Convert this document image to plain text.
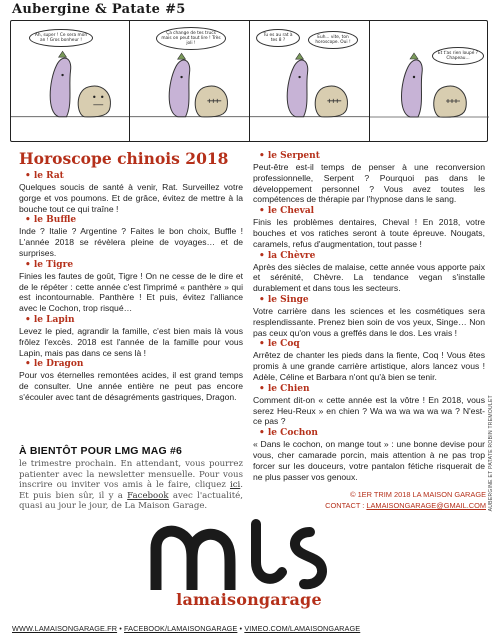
Aubergine & Patate #5
Ah, super ! Ce sera mon an ! Gros bonheur !
Ça change de tes trucs mais on peut tout lire ! Très joli !
Tu es au rat à tes 8 ?
Euh... vite, ton horoscope. Oui !
Et t'as rien loupé ? Chapeau...
Horoscope chinois 2018
• le Rat
Quelques soucis de santé à venir, Rat. Surveillez votre gorge et vos poumons. Et de grâce, évitez de mettre à la bouche tout ce qui traîne !
• le Buffle
Inde ? Italie ? Argentine ? Faites le bon choix, Buffle ! L'année 2018 se révèlera pleine de voyages… et de surprises.
• le Tigre
Finies les fautes de goût, Tigre ! On ne cesse de le dire et de le répéter : cette année c'est l'imprimé « panthère » qui est incontournable. Panthère ! Et puis, évitez l'alliance avec le Cochon, trop risqué…
• le Lapin
Levez le pied, agrandir la famille, c'est bien mais là vous frôlez l'excès. 2018 est l'année de la famille pour vous Lapin, mais pas dans ce sens là !
• le Dragon
Pour vos éternelles remontées acides, il est grand temps de consulter. Une année entière ne peut pas encore s'écouler avec tant de désagréments gastriques, Dragon.
• le Serpent
Peut-être est-il temps de penser à une reconversion professionnelle, Serpent ? Pourquoi pas dans le développement personnel ? Vous avez toutes les compétences de thérapie par l'hypnose dans le sang.
• le Cheval
Finis les problèmes dentaires, Cheval ! En 2018, votre bouches et vos ratiches seront à toute épreuve. Nougats, caramels, refus d'augmentation, tout passe !
• la Chèvre
Après des siècles de malaise, cette année vous apporte paix et sérénité, Chèvre. La tendance vegan s'installe durablement et dans tous les secteurs.
• le Singe
Votre carrière dans les sciences et les cosmétiques sera resplendissante. Prenez bien soin de vos yeux, Singe… Non pas ceux qu'on vous a greffés dans le dos. Les vrais !
• le Coq
Arrêtez de chanter les pieds dans la fiente, Coq ! Vous êtes promis à une grande carrière artistique, alors lancez vous ! Adèle, Céline et Barbara n'ont qu'à bien se tenir.
• le Chien
Comment dit-on « cette année est la vôtre ! En 2018, vous serez Heu-Reux » en chien ? Wa wa wa wa wa wa ? N'est-ce pas ?
• le Cochon
« Dans le cochon, on mange tout » : une bonne devise pour vous, cher camarade porcin, mais attention à ne pas trop forcer sur les douceurs, votre pantalon fétiche risquerait de ne plus passer vos genoux.
À BIENTÔT POUR LMG MAG #6
le trimestre prochain. En attendant, vous pourrez patienter avec la newsletter mensuelle. Pour vous inscrire ou inviter vos amis à le faire, cliquez ici. Et puis bien sûr, il y a Facebook avec l'actualité, quasi au jour le jour, de La Maison Garage.	AUBERGINE ET PATATE ROBIN TREMOULET
© 1ER TRIM 2018 LA MAISON GARAGE
CONTACT : LAMAISONGARAGE@GMAIL.COM
lamaisongarage
WWW.LAMAISONGARAGE.FR • FACEBOOK/LAMAISONGARAGE • VIMEO.COM/LAMAISONGARAGE
